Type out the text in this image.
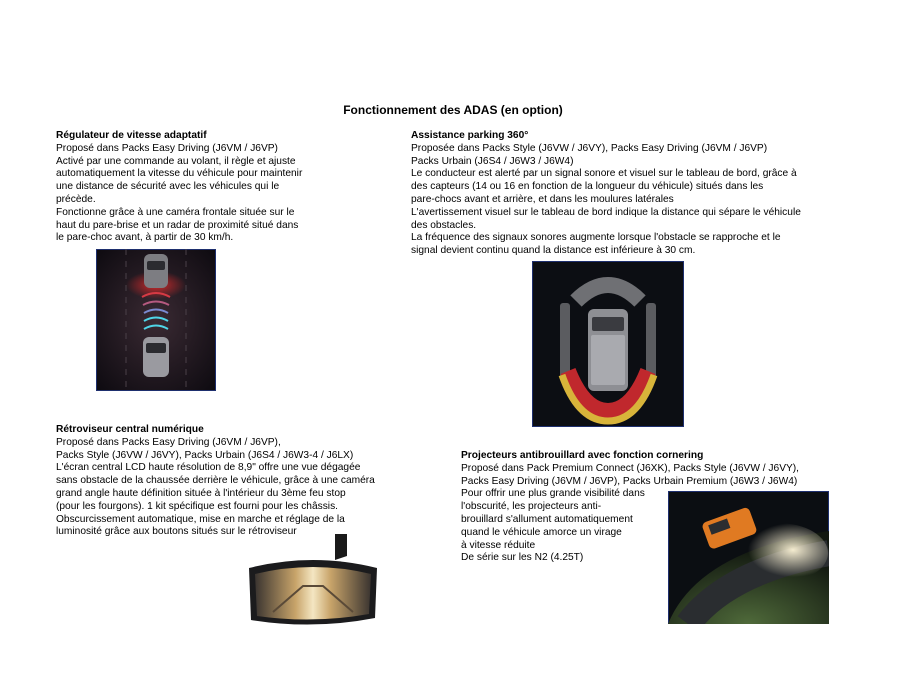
Fonctionnement des ADAS (en option)
Régulateur de vitesse adaptatif
Proposé dans Packs Easy Driving (J6VM / J6VP)
Activé par une commande au volant, il règle et ajuste
automatiquement la vitesse du véhicule pour maintenir
une distance de sécurité avec les véhicules qui le
précède.
Fonctionne grâce à une caméra frontale située sur le
haut du pare-brise et un radar de proximité situé dans
le pare-choc avant, à partir de 30 km/h.
Assistance parking 360°
Proposée dans Packs Style (J6VW / J6VY), Packs Easy Driving (J6VM / J6VP)
Packs Urbain (J6S4 / J6W3 / J6W4)
Le conducteur est alerté par un signal sonore et visuel sur le tableau de bord, grâce à
des capteurs (14 ou 16 en fonction de la longueur du véhicule) situés dans les
pare-chocs avant et arrière, et dans les moulures latérales
L'avertissement visuel sur le tableau de bord indique la distance qui sépare le véhicule
des obstacles.
La fréquence des signaux sonores augmente lorsque l'obstacle se rapproche et le
signal devient continu quand la distance est inférieure à 30 cm.
Rétroviseur central numérique
Proposé dans Packs Easy Driving (J6VM / J6VP),
Packs Style (J6VW / J6VY), Packs Urbain (J6S4 / J6W3-4 / J6LX)
L'écran central LCD haute résolution de 8,9" offre une vue dégagée
sans obstacle de la chaussée derrière le véhicule, grâce à une caméra
grand angle haute définition située à l'intérieur du 3ème feu stop
(pour les fourgons). 1 kit spécifique est fourni pour les châssis.
Obscurcissement automatique, mise en marche et réglage de la
luminosité grâce aux boutons situés sur le rétroviseur
Projecteurs antibrouillard avec fonction cornering
Proposé dans Pack Premium Connect (J6XK), Packs Style (J6VW / J6VY),
Packs Easy Driving (J6VM / J6VP), Packs Urbain Premium (J6W3 / J6W4)
Pour offrir une plus grande visibilité dans
l'obscurité, les projecteurs anti-
brouillard s'allument automatiquement
quand le véhicule amorce un virage
à vitesse réduite
De série sur les N2 (4.25T)
